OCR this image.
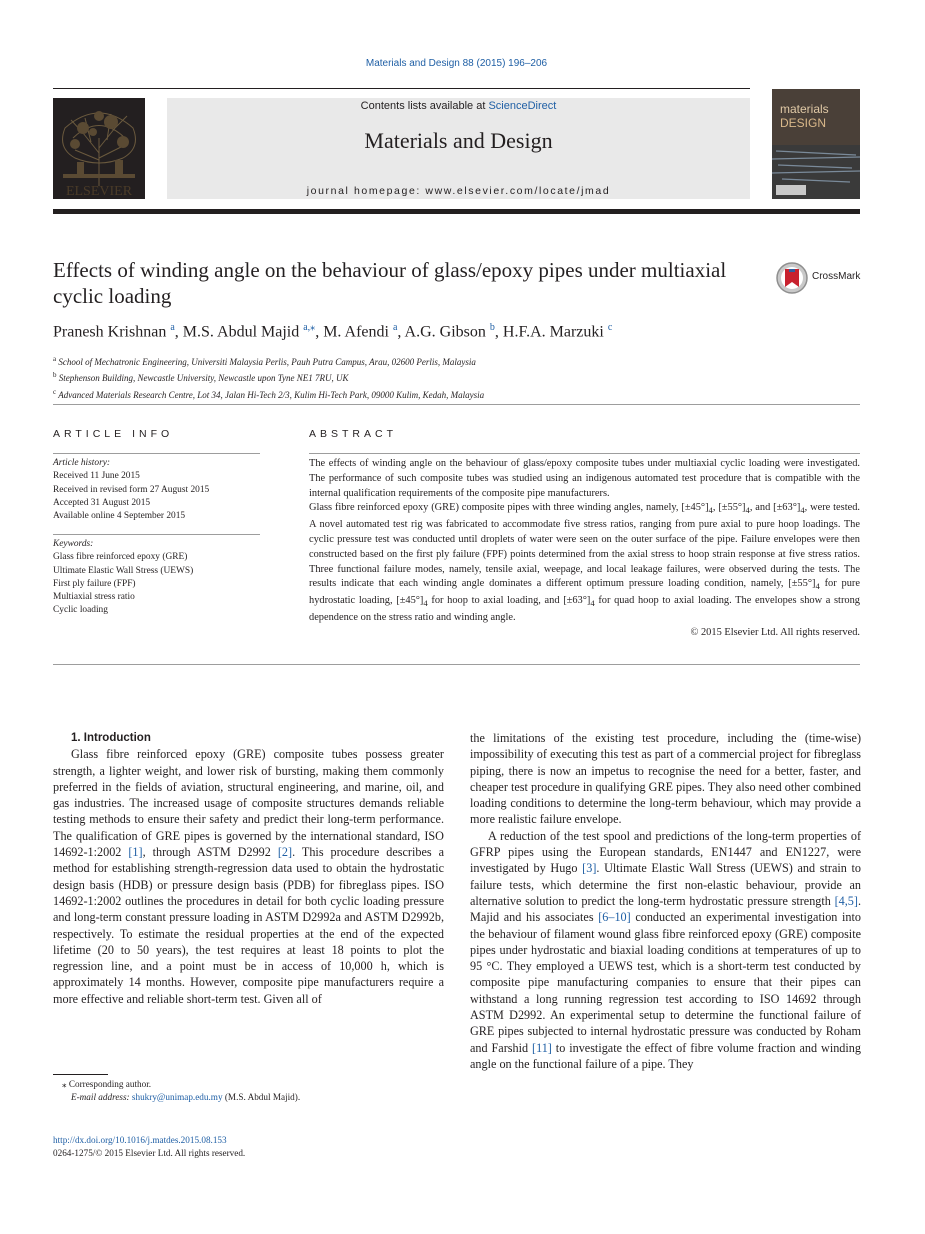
Materials and Design 88 (2015) 196–206
ELSEVIER
Contents lists available at ScienceDirect
Materials and Design
journal homepage: www.elsevier.com/locate/jmad
materials
DESIGN
Effects of winding angle on the behaviour of glass/epoxy pipes under multiaxial cyclic loading
CrossMark
Pranesh Krishnan $^a$, M.S. Abdul Majid $^{a,⁎}$, M. Afendi $^a$, A.G. Gibson $^b$, H.F.A. Marzuki $^c$
$^a$ School of Mechatronic Engineering, Universiti Malaysia Perlis, Pauh Putra Campus, Arau, 02600 Perlis, Malaysia
$^b$ Stephenson Building, Newcastle University, Newcastle upon Tyne NE1 7RU, UK
$^c$ Advanced Materials Research Centre, Lot 34, Jalan Hi-Tech 2/3, Kulim Hi-Tech Park, 09000 Kulim, Kedah, Malaysia
ARTICLE INFO
Article history:
Received 11 June 2015
Received in revised form 27 August 2015
Accepted 31 August 2015
Available online 4 September 2015
Keywords:
Glass fibre reinforced epoxy (GRE)
Ultimate Elastic Wall Stress (UEWS)
First ply failure (FPF)
Multiaxial stress ratio
Cyclic loading
ABSTRACT
The effects of winding angle on the behaviour of glass/epoxy composite tubes under multiaxial cyclic loading were investigated. The performance of such composite tubes was studied using an indigenous automated test procedure that is compatible with the internal qualification requirements of the composite pipe manufacturers.
Glass fibre reinforced epoxy (GRE) composite pipes with three winding angles, namely, $[\pm 45^\circ]_4$, $[\pm 55^\circ]_4$, and $[\pm 63^\circ]_4$, were tested. A novel automated test rig was fabricated to accommodate five stress ratios, ranging from pure axial to pure hoop loadings. The cyclic pressure test was conducted until droplets of water were seen on the outer surface of the pipe. Failure envelopes were then constructed based on the first ply failure (FPF) points determined from the axial stress to hoop strain response at five stress ratios. Three functional failure modes, namely, tensile axial, weepage, and local leakage failures, were observed during the tests. The results indicate that each winding angle dominates a different optimum pressure loading condition, namely, $[\pm 55^\circ]_4$ for pure hydrostatic loading, $[\pm 45^\circ]_4$ for hoop to axial loading, and $[\pm 63^\circ]_4$ for quad hoop to axial loading. The envelopes show a strong dependence on the stress ratio and winding angle.
© 2015 Elsevier Ltd. All rights reserved.

1. Introduction

Glass fibre reinforced epoxy (GRE) composite tubes possess greater strength, a lighter weight, and lower risk of bursting, making them commonly preferred in the fields of aviation, structural engineering, and marine, oil, and gas industries. The increased usage of composite structures demands reliable testing methods to ensure their safety and predict their long-term performance. The qualification of GRE pipes is governed by the international standard, ISO 14692-1:2002 [1], through ASTM D2992 [2]. This procedure describes a method for establishing strength-regression data used to obtain the hydrostatic design basis (HDB) or pressure design basis (PDB) for fibreglass pipes. ISO 14692-1:2002 outlines the procedures in detail for both cyclic loading pressure and long-term constant pressure loading in ASTM D2992a and ASTM D2992b, respectively. To estimate the residual properties at the end of the expected lifetime (20 to 50 years), the test requires at least 18 points to plot the regression line, and a point must be in access of 10,000 h, which is approximately 14 months. However, composite pipe manufacturers require a more effective and reliable short-term test. Given all of

the limitations of the existing test procedure, including the (time-wise) impossibility of executing this test as part of a commercial project for fibreglass piping, there is now an impetus to recognise the need for a better, faster, and cheaper test procedure in qualifying GRE pipes. They also need other combined loading conditions to determine the long-term behaviour, which may provide a more realistic failure envelope.

A reduction of the test spool and predictions of the long-term properties of GFRP pipes using the European standards, EN1447 and EN1227, were investigated by Hugo [3]. Ultimate Elastic Wall Stress (UEWS) and strain to failure tests, which determine the first non-elastic behaviour, provide an alternative solution to predict the long-term hydrostatic pressure strength [4,5]. Majid and his associates [6–10] conducted an experimental investigation into the behaviour of filament wound glass fibre reinforced epoxy (GRE) composite pipes under hydrostatic and biaxial loading conditions at temperatures of up to 95 °C. They employed a UEWS test, which is a short-term test conducted by composite pipe manufacturing companies to ensure that their pipes can withstand a long running regression test according to ISO 14692 through ASTM D2992. An experimental setup to determine the functional failure of GRE pipes subjected to internal hydrostatic pressure was conducted by Roham and Farshid [11] to investigate the effect of fibre volume fraction and winding angle on the functional failure of a pipe. They

⁎ Corresponding author.
E-mail address: shukry@unimap.edu.my (M.S. Abdul Majid).
http://dx.doi.org/10.1016/j.matdes.2015.08.153
0264-1275/© 2015 Elsevier Ltd. All rights reserved.
